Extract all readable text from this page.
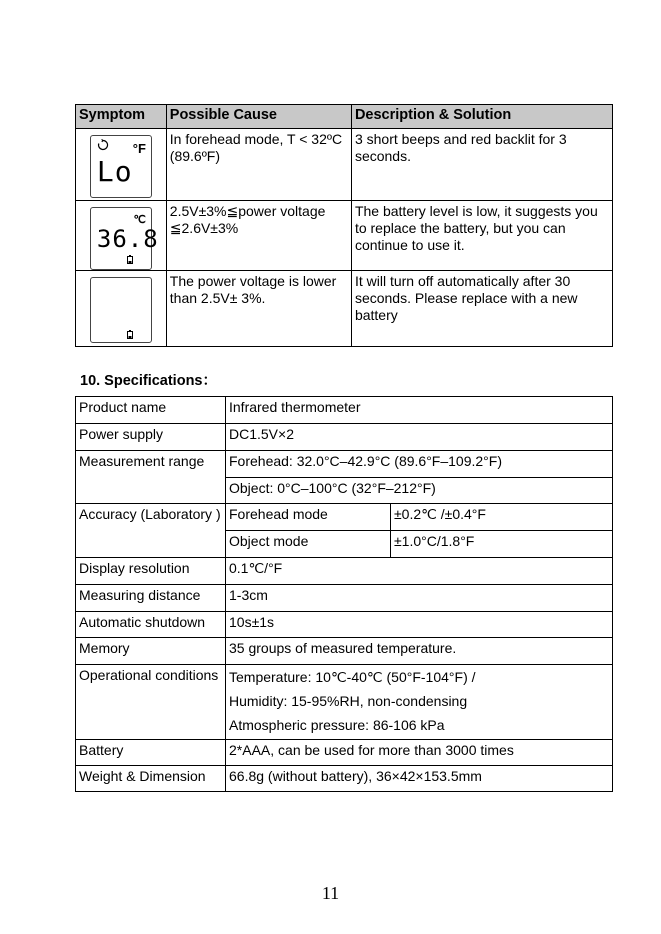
Symptom	Possible Cause	Description & Solution

°F
Lo	In forehead mode, T < 32ºC (89.6ºF)	3 short beeps and red backlit for 3 seconds.

℃
36.8	2.5V±3%≦power voltage ≦2.6V±3%	The battery level is low, it suggests you to replace the battery, but you can continue to use it.

	The power voltage is lower than 2.5V± 3%.	It will turn off automatically after 30 seconds. Please replace with a new battery
10. Specifications：
Product name	Infrared thermometer	
Power supply	DC1.5V×2	
Measurement range	Forehead: 32.0°C–42.9°C (89.6°F–109.2°F)	
	Object: 0°C–100°C (32°F–212°F)	
Accuracy (Laboratory )	Forehead mode	±0.2℃ /±0.4°F
	Object mode	±1.0°C/1.8°F
Display resolution	0.1℃/°F	
Measuring distance	1-3cm	
Automatic shutdown	10s±1s	
Memory	35 groups of measured temperature.	
Operational conditions	Temperature: 10℃-40℃ (50°F-104°F) /
Humidity: 15-95%RH, non-condensing
Atmospheric pressure: 86-106 kPa	

Battery	2*AAA, can be used for more than 3000 times	
Weight & Dimension	66.8g (without battery), 36×42×153.5mm	
11
